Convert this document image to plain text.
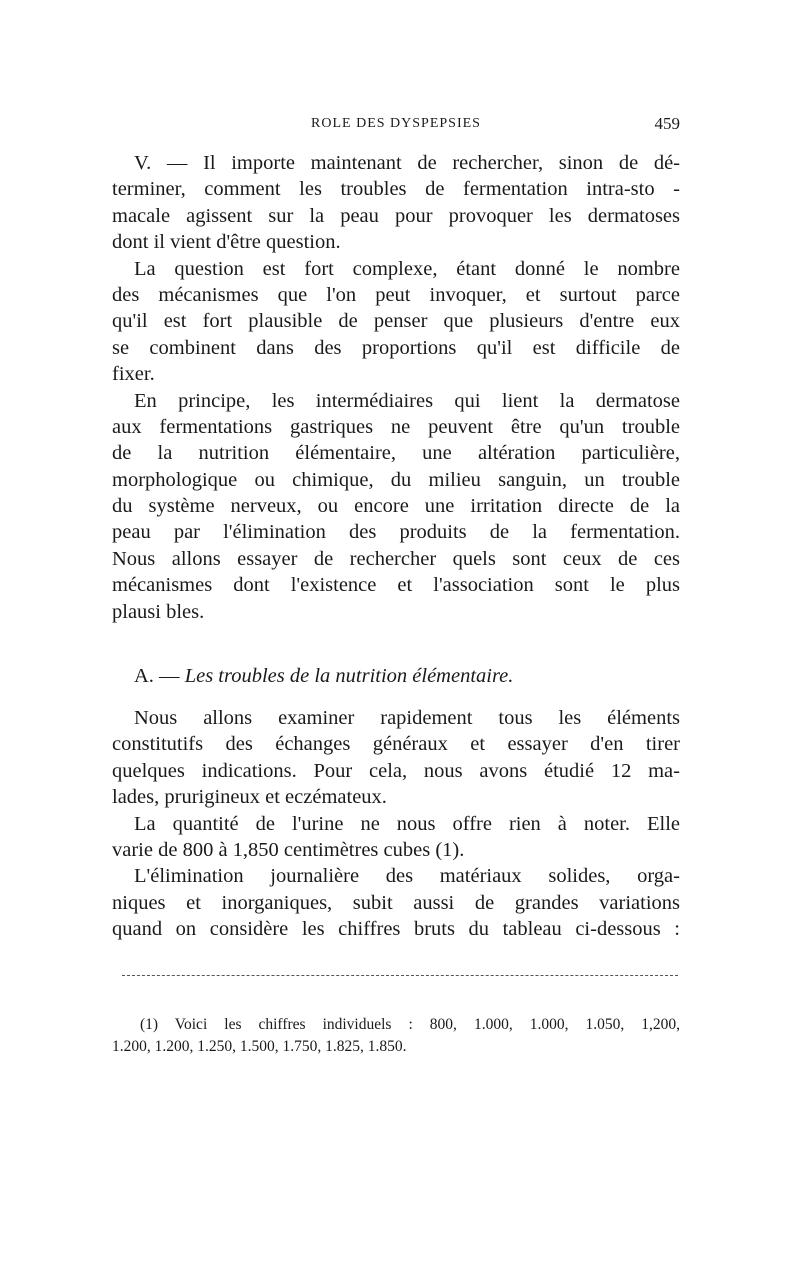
ROLE DES DYSPEPSIES	459
V. — Il importe maintenant de rechercher, sinon de dé-
terminer, comment les troubles de fermentation intra-sto -
macale agissent sur la peau pour provoquer les dermatoses
dont il vient d'être question.
La question est fort complexe, étant donné le nombre
des mécanismes que l'on peut invoquer, et surtout parce
qu'il est fort plausible de penser que plusieurs d'entre eux
se combinent dans des proportions qu'il est difficile de
fixer.
En principe, les intermédiaires qui lient la dermatose
aux fermentations gastriques ne peuvent être qu'un trouble
de la nutrition élémentaire, une altération particulière,
morphologique ou chimique, du milieu sanguin, un trouble
du système nerveux, ou encore une irritation directe de la
peau par l'élimination des produits de la fermentation.
Nous allons essayer de rechercher quels sont ceux de ces
mécanismes dont l'existence et l'association sont le plus
plausi bles.
A. — Les troubles de la nutrition élémentaire.
Nous allons examiner rapidement tous les éléments
constitutifs des échanges généraux et essayer d'en tirer
quelques indications. Pour cela, nous avons étudié 12 ma-
lades, prurigineux et eczémateux.
La quantité de l'urine ne nous offre rien à noter. Elle
varie de 800 à 1,850 centimètres cubes (1).
L'élimination journalière des matériaux solides, orga-
niques et inorganiques, subit aussi de grandes variations
quand on considère les chiffres bruts du tableau ci-dessous :
(1) Voici les chiffres individuels : 800, 1.000, 1.000, 1.050, 1,200,
1.200, 1.200, 1.250, 1.500, 1.750, 1.825, 1.850.
